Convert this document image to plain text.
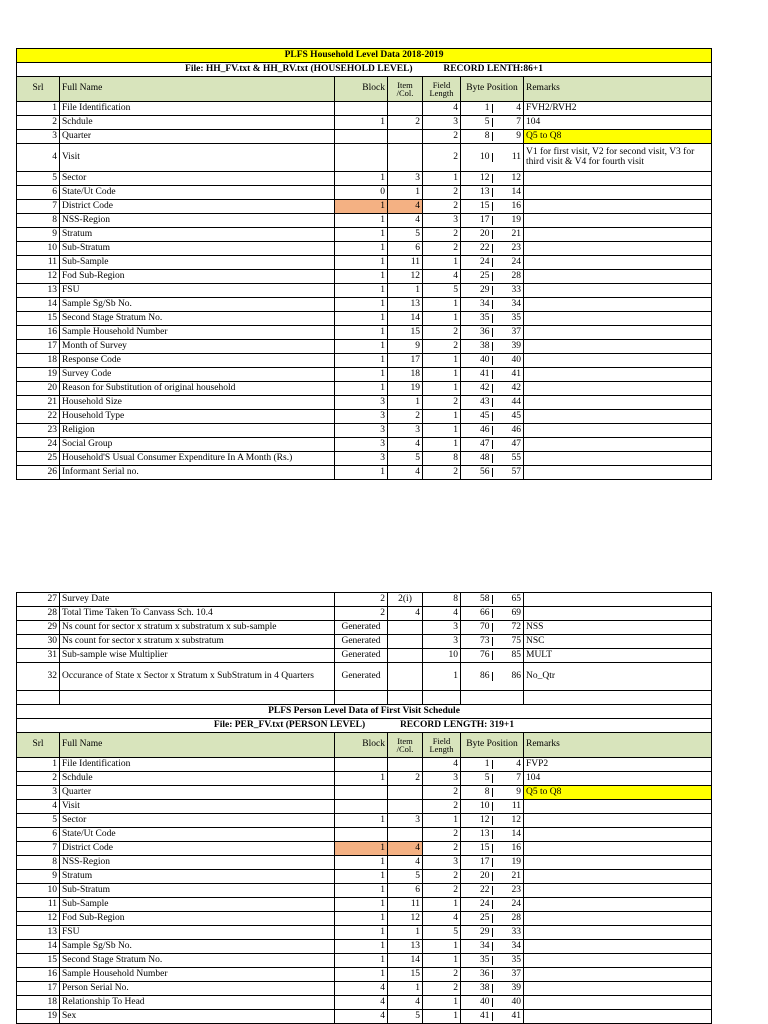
PLFS Household Level Data 2018-2019						
File: HH_FV.txt & HH_RV.txt (HOUSEHOLD LEVEL) RECORD LENTH:86+1						
Srl	Full Name	Block	Item /Col.	Field Length	Byte Position	Remarks
1	File Identification			4	1 4	FVH2/RVH2
2	Schdule	1	2	3	5 7	104
3	Quarter			2	8 9	Q5 to Q8
4	Visit			2	10 11	V1 for first visit, V2 for second visit, V3 for third visit & V4 for fourth visit
5	Sector	1	3	1	12 12	

6	State/Ut Code	0	1	2	13 14	

7	District Code	1	4	2	15 16	

8	NSS-Region	1	4	3	17 19	

9	Stratum	1	5	2	20 21	

10	Sub-Stratum	1	6	2	22 23	

11	Sub-Sample	1	11	1	24 24	

12	Fod Sub-Region	1	12	4	25 28	

13	FSU	1	1	5	29 33	

14	Sample Sg/Sb No.	1	13	1	34 34	

15	Second Stage Stratum No.	1	14	1	35 35	

16	Sample Household Number	1	15	2	36 37	

17	Month of Survey	1	9	2	38 39	

18	Response Code	1	17	1	40 40	

19	Survey Code	1	18	1	41 41	

20	Reason for Substitution of original household	1	19	1	42 42	

21	Household Size	3	1	2	43 44	

22	Household Type	3	2	1	45 45	

23	Religion	3	3	1	46 46	

24	Social Group	3	4	1	47 47	

25	Household'S Usual Consumer Expenditure In A Month (Rs.)	3	5	8	48 55	

26	Informant Serial no.	1	4	2	56 57	

27	Survey Date	2	2(i)	8	58 65	

28	Total Time Taken To Canvass Sch. 10.4	2	4	4	66 69	

29	Ns count for sector x stratum x substratum x sub-sample	Generated		3	70 72	NSS
30	Ns count for sector x stratum x substratum	Generated		3	73 75	NSC
31	Sub-sample wise Multiplier	Generated		10	76 85	MULT
32	Occurance of State x Sector x Stratum x SubStratum in 4 Quarters	Generated		1	86 86	No_Qtr

PLFS Person Level Data of First Visit Schedule						
File: PER_FV.txt (PERSON LEVEL) RECORD LENGTH: 319+1						
Srl	Full Name	Block	Item /Col.	Field Length	Byte Position	Remarks
1	File Identification			4	1 4	FVP2
2	Schdule	1	2	3	5 7	104
3	Quarter			2	8 9	Q5 to Q8
4	Visit			2	10 11	

5	Sector	1	3	1	12 12	

6	State/Ut Code			2	13 14	

7	District Code	1	4	2	15 16	

8	NSS-Region	1	4	3	17 19	

9	Stratum	1	5	2	20 21	

10	Sub-Stratum	1	6	2	22 23	

11	Sub-Sample	1	11	1	24 24	

12	Fod Sub-Region	1	12	4	25 28	

13	FSU	1	1	5	29 33	

14	Sample Sg/Sb No.	1	13	1	34 34	

15	Second Stage Stratum No.	1	14	1	35 35	

16	Sample Household Number	1	15	2	36 37	

17	Person Serial No.	4	1	2	38 39	

18	Relationship To Head	4	4	1	40 40	

19	Sex	4	5	1	41 41	
